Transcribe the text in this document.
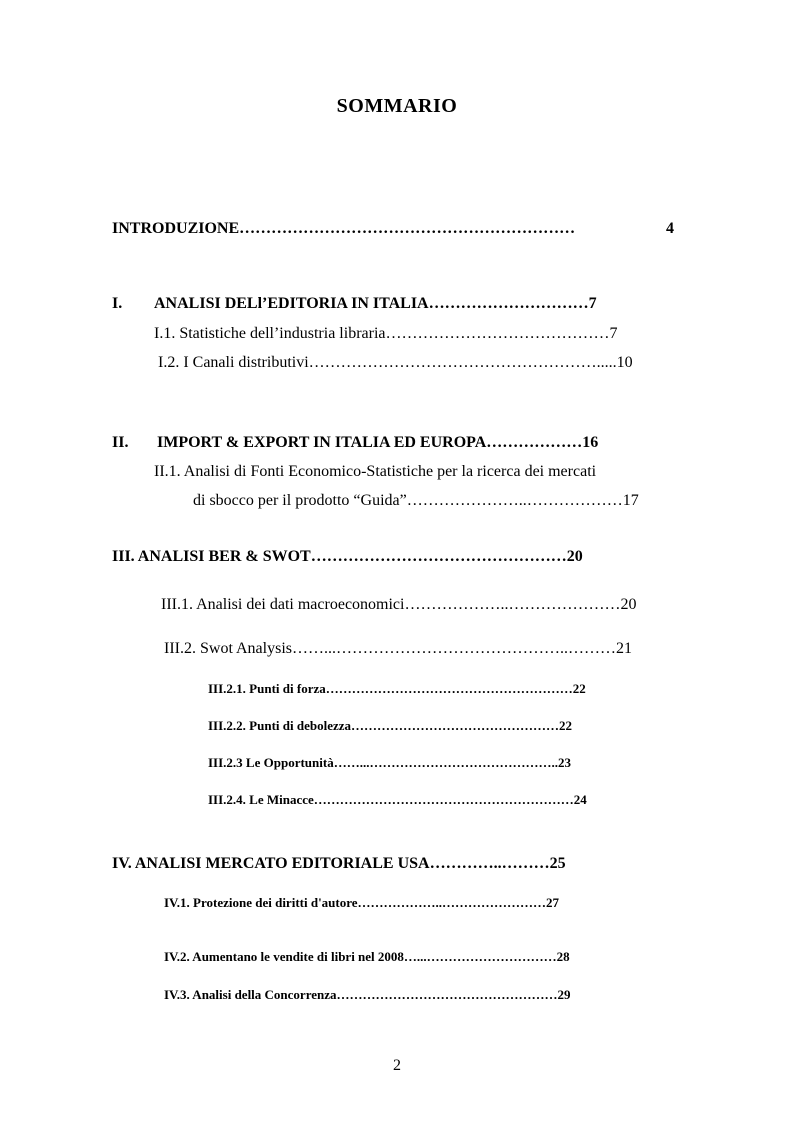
SOMMARIO
INTRODUZIONE………………………………………………………	4
I. ANALISI DELl’EDITORIA IN ITALIA…………………………7
I.1. Statistiche dell’industria libraria……………………………………7
I.2. I Canali distributivi……………………………………………….....10
II. IMPORT & EXPORT IN ITALIA ED EUROPA………………16
II.1. Analisi di Fonti Economico-Statistiche per la ricerca dei mercati
di sbocco per il prodotto “Guida”…………………..………………17
III. ANALISI BER & SWOT…………………………………………20
III.1. Analisi dei dati macroeconomici………………..…………………20
III.2. Swot Analysis……...……………………………………..………21
III.2.1. Punti di forza…………………………………………………22
III.2.2. Punti di debolezza…………………………………………22
III.2.3 Le Opportunità……...……………………………………..23
III.2.4. Le Minacce……………………………………………………24
IV. ANALISI MERCATO EDITORIALE USA…………..………25
IV.1. Protezione dei diritti d'autore………………..……………………27
IV.2. Aumentano le vendite di libri nel 2008…...…………………………28
IV.3. Analisi della Concorrenza……………………………………………29
2
